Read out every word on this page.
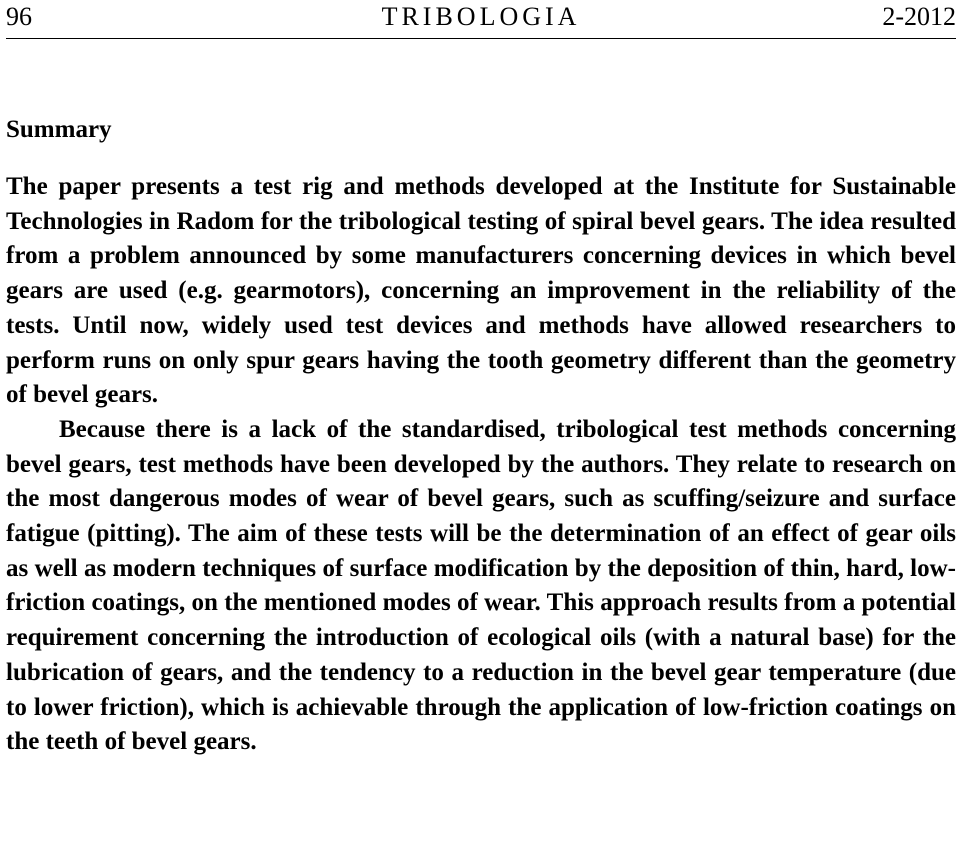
96	TRIBOLOGIA	2-2012
Summary

The paper presents a test rig and methods developed at the Institute for Sustainable Technologies in Radom for the tribological testing of spiral bevel gears. The idea resulted from a problem announced by some manufacturers concerning devices in which bevel gears are used (e.g. gearmotors), concerning an improvement in the reliability of the tests. Until now, widely used test devices and methods have allowed researchers to perform runs on only spur gears having the tooth geometry different than the geometry of bevel gears.

Because there is a lack of the standardised, tribological test methods concerning bevel gears, test methods have been developed by the authors. They relate to research on the most dangerous modes of wear of bevel gears, such as scuffing/seizure and surface fatigue (pitting). The aim of these tests will be the determination of an effect of gear oils as well as modern techniques of surface modification by the deposition of thin, hard, low-friction coatings, on the mentioned modes of wear. This approach results from a potential requirement concerning the introduction of ecological oils (with a natural base) for the lubrication of gears, and the tendency to a reduction in the bevel gear temperature (due to lower friction), which is achievable through the application of low-friction coatings on the teeth of bevel gears.
